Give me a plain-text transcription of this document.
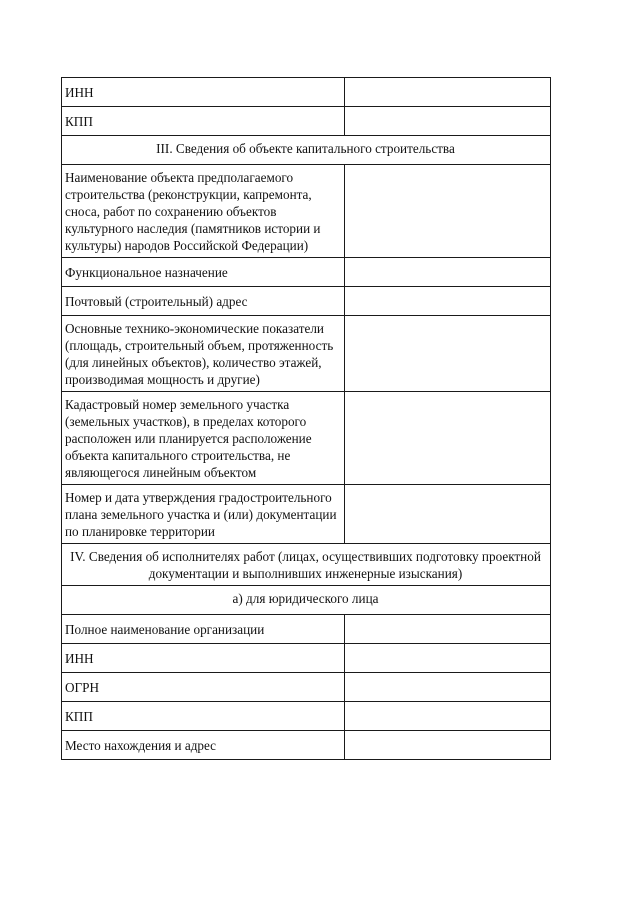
ИНН	
КПП	
III. Сведения об объекте капитального строительства	
Наименование объекта предполагаемого строительства (реконструкции, капремонта, сноса, работ по сохранению объектов культурного наследия (памятников истории и культуры) народов Российской Федерации)	
Функциональное назначение	
Почтовый (строительный) адрес	
Основные технико-экономические показатели (площадь, строительный объем, протяженность (для линейных объектов), количество этажей, производимая мощность и другие)	
Кадастровый номер земельного участка (земельных участков), в пределах которого расположен или планируется расположение объекта капитального строительства, не являющегося линейным объектом	
Номер и дата утверждения градостроительного плана земельного участка и (или) документации по планировке территории	
IV. Сведения об исполнителях работ (лицах, осуществивших подготовку проектной документации и выполнивших инженерные изыскания)	
а) для юридического лица	
Полное наименование организации	
ИНН	
ОГРН	
КПП	
Место нахождения и адрес	
